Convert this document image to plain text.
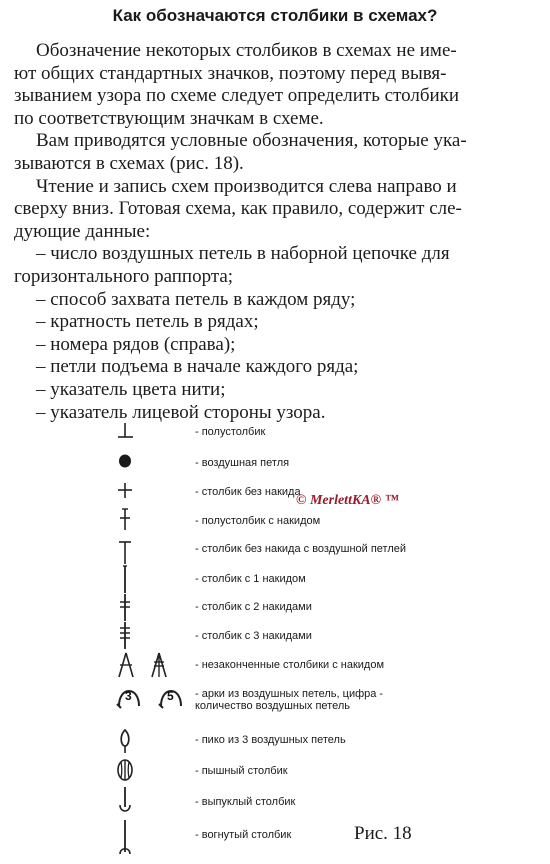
Как обозначаются столбики в схемах?

Обозначение некоторых столбиков в схемах не име-

ют общих стандартных значков, поэтому перед вывя-

зыванием узора по схеме следует определить столбики

по соответствующим значкам в схеме.

Вам приводятся условные обозначения, которые ука-

зываются в схемах (рис. 18).

Чтение и запись схем производится слева направо и

сверху вниз. Готовая схема, как правило, содержит сле-

дующие данные:

– число воздушных петель в наборной цепочке для

горизонтального раппорта;

– способ захвата петель в каждом ряду;

– кратность петель в рядах;

– номера рядов (справа);

– петли подъема в начале каждого ряда;

– указатель цвета нити;

– указатель лицевой стороны узора.

- полустолбик
- воздушная петля
- столбик без накида
- полустолбик с накидом
- столбик без накида с воздушной петлей
- столбик с 1 накидом
- столбик с 2 накидами
- столбик с 3 накидами
- незаконченные столбики с накидом
3	5 - арки из воздушных петель, цифра - количество воздушных петель
- пико из 3 воздушных петель
- пышный столбик
- выпуклый столбик
- вогнутый столбик
© MerlettKA® ™
Рис. 18
